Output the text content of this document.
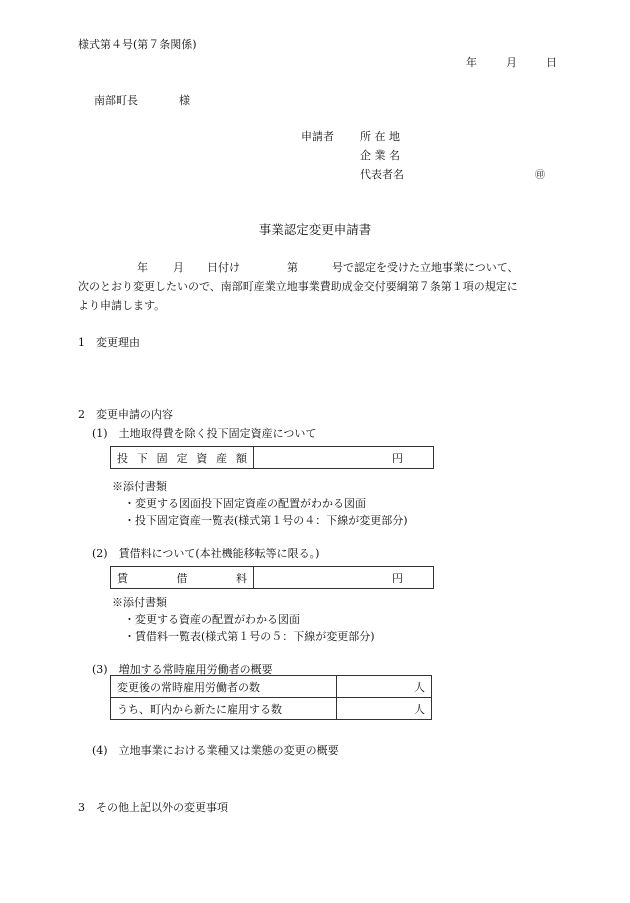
様式第４号(第７条関係)
年	月	日
南部町長	様
申請者 所 在 地
企 業 名
代表者名	㊞
事業認定変更申請書
年 月 日付け	第	号で認定を受けた立地事業について、
次のとおり変更したいので、南部町産業立地事業費助成金交付要綱第７条第１項の規定に
より申請します。
1　変更理由
2　変更申請の内容
(1)　土地取得費を除く投下固定資産について
投 下 固 定 資 産 額	円
※添付書類
・変更する図面投下固定資産の配置がわかる図面
・投下固定資産一覧表(様式第１号の４：下線が変更部分)
(2)　賃借料について(本社機能移転等に限る。)
賃	借	料	円
※添付書類
・変更する資産の配置がわかる図面
・賃借料一覧表(様式第１号の５：下線が変更部分)
(3)　増加する常時雇用労働者の概要
変更後の常時雇用労働者の数	人
うち、町内から新たに雇用する数	人
(4)　立地事業における業種又は業態の変更の概要
3　その他上記以外の変更事項
